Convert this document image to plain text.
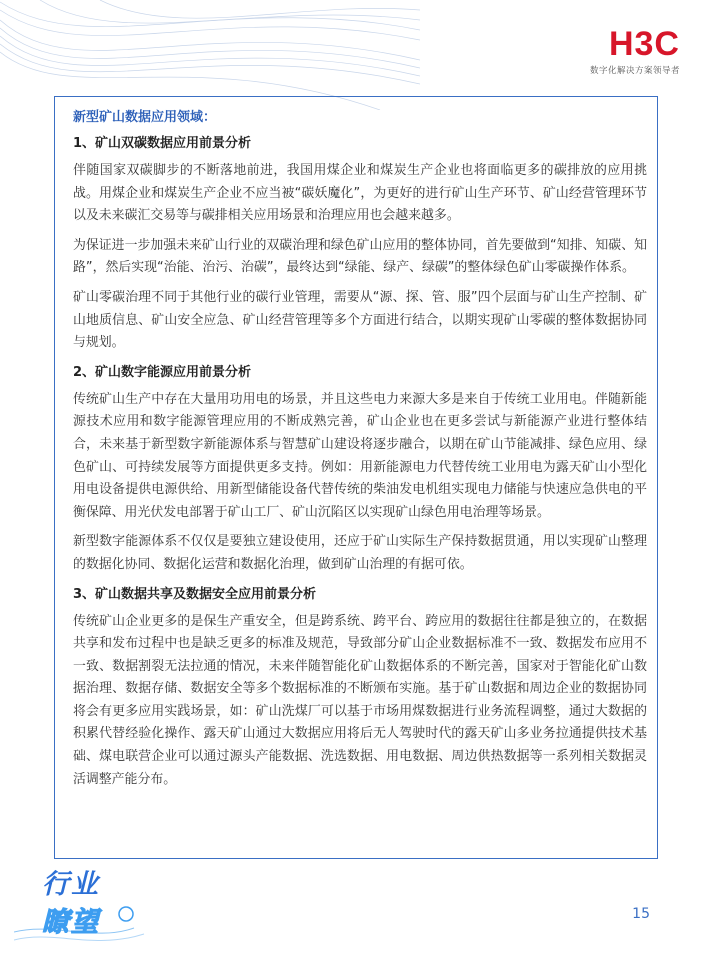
H3C
数字化解决方案领导者
新型矿山数据应用领域：
1、矿山双碳数据应用前景分析

伴随国家双碳脚步的不断落地前进，我国用煤企业和煤炭生产企业也将面临更多的碳排放的应用挑战。用煤企业和煤炭生产企业不应当被“碳妖魔化”，为更好的进行矿山生产环节、矿山经营管理环节以及未来碳汇交易等与碳排相关应用场景和治理应用也会越来越多。

为保证进一步加强未来矿山行业的双碳治理和绿色矿山应用的整体协同，首先要做到“知排、知碳、知路”，然后实现“治能、治污、治碳”，最终达到“绿能、绿产、绿碳”的整体绿色矿山零碳操作体系。

矿山零碳治理不同于其他行业的碳行业管理，需要从“源、探、管、服”四个层面与矿山生产控制、矿山地质信息、矿山安全应急、矿山经营管理等多个方面进行结合，以期实现矿山零碳的整体数据协同与规划。

2、矿山数字能源应用前景分析

传统矿山生产中存在大量用功用电的场景，并且这些电力来源大多是来自于传统工业用电。伴随新能源技术应用和数字能源管理应用的不断成熟完善，矿山企业也在更多尝试与新能源产业进行整体结合，未来基于新型数字新能源体系与智慧矿山建设将逐步融合，以期在矿山节能减排、绿色应用、绿色矿山、可持续发展等方面提供更多支持。例如：用新能源电力代替传统工业用电为露天矿山小型化用电设备提供电源供给、用新型储能设备代替传统的柴油发电机组实现电力储能与快速应急供电的平衡保障、用光伏发电部署于矿山工厂、矿山沉陷区以实现矿山绿色用电治理等场景。

新型数字能源体系不仅仅是要独立建设使用，还应于矿山实际生产保持数据贯通，用以实现矿山整理的数据化协同、数据化运营和数据化治理，做到矿山治理的有据可依。

3、矿山数据共享及数据安全应用前景分析

传统矿山企业更多的是保生产重安全，但是跨系统、跨平台、跨应用的数据往往都是独立的，在数据共享和发布过程中也是缺乏更多的标准及规范，导致部分矿山企业数据标准不一致、数据发布应用不一致、数据割裂无法拉通的情况，未来伴随智能化矿山数据体系的不断完善，国家对于智能化矿山数据治理、数据存储、数据安全等多个数据标准的不断颁布实施。基于矿山数据和周边企业的数据协同将会有更多应用实践场景，如：矿山洗煤厂可以基于市场用煤数据进行业务流程调整，通过大数据的积累代替经验化操作、露天矿山通过大数据应用将后无人驾驶时代的露天矿山多业务拉通提供技术基础、煤电联营企业可以通过源头产能数据、洗选数据、用电数据、周边供热数据等一系列相关数据灵活调整产能分布。

行业
瞭望	15
